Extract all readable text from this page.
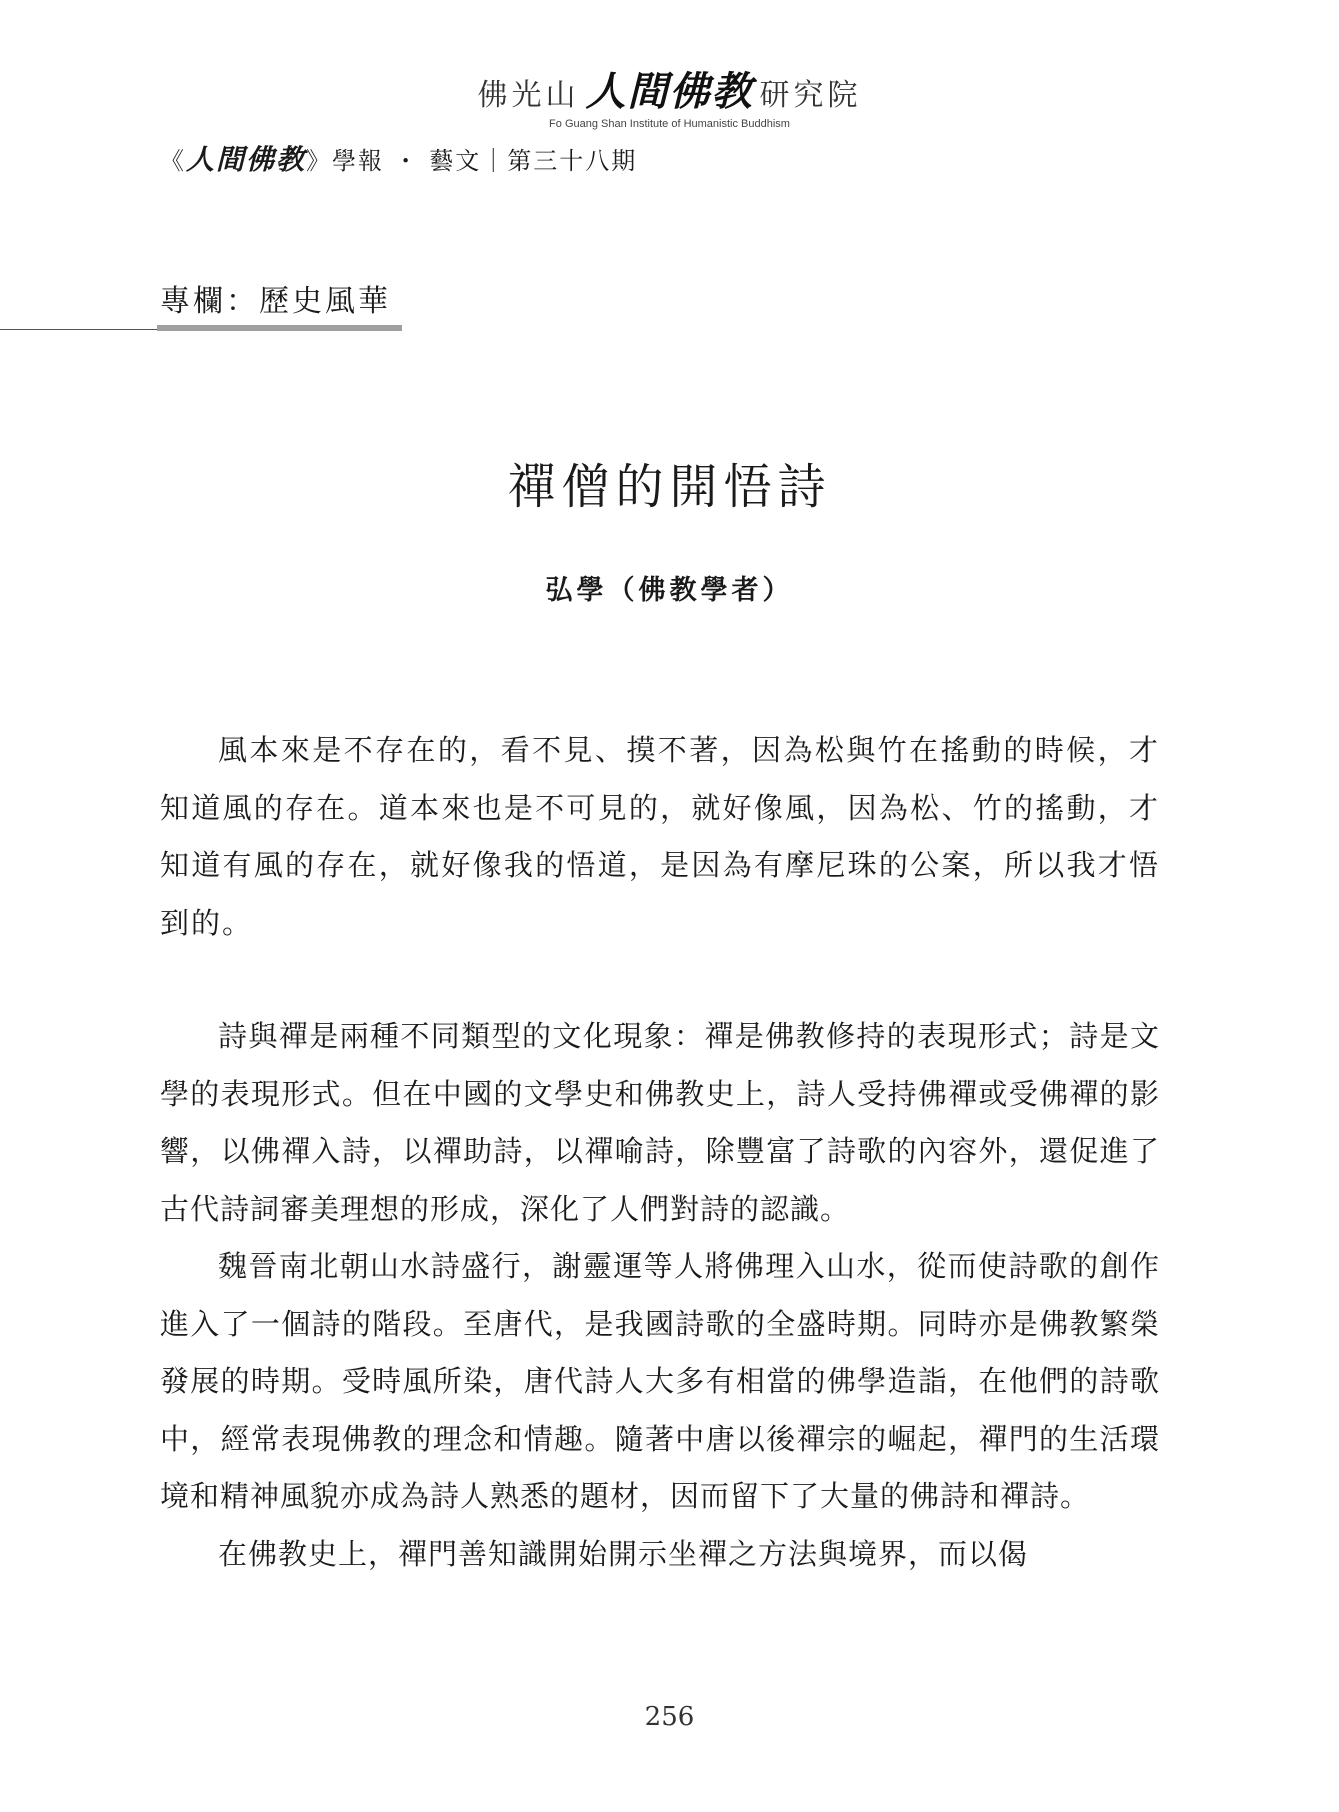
佛光山 人間佛教 研究院
Fo Guang Shan Institute of Humanistic Buddhism
《人間佛教》學報 ・ 藝文｜第三十八期
專欄：歷史風華
禪僧的開悟詩
弘學（佛教學者）

風本來是不存在的，看不見、摸不著，因為松與竹在搖動的時候，才知道風的存在。道本來也是不可見的，就好像風，因為松、竹的搖動，才知道有風的存在，就好像我的悟道，是因為有摩尼珠的公案，所以我才悟到的。

詩與禪是兩種不同類型的文化現象：禪是佛教修持的表現形式；詩是文學的表現形式。但在中國的文學史和佛教史上，詩人受持佛禪或受佛禪的影響，以佛禪入詩，以禪助詩，以禪喻詩，除豐富了詩歌的內容外，還促進了古代詩詞審美理想的形成，深化了人們對詩的認識。

魏晉南北朝山水詩盛行，謝靈運等人將佛理入山水，從而使詩歌的創作進入了一個詩的階段。至唐代，是我國詩歌的全盛時期。同時亦是佛教繁榮發展的時期。受時風所染，唐代詩人大多有相當的佛學造詣，在他們的詩歌中，經常表現佛教的理念和情趣。隨著中唐以後禪宗的崛起，禪門的生活環境和精神風貌亦成為詩人熟悉的題材，因而留下了大量的佛詩和禪詩。

在佛教史上，禪門善知識開始開示坐禪之方法與境界，而以偈

256
